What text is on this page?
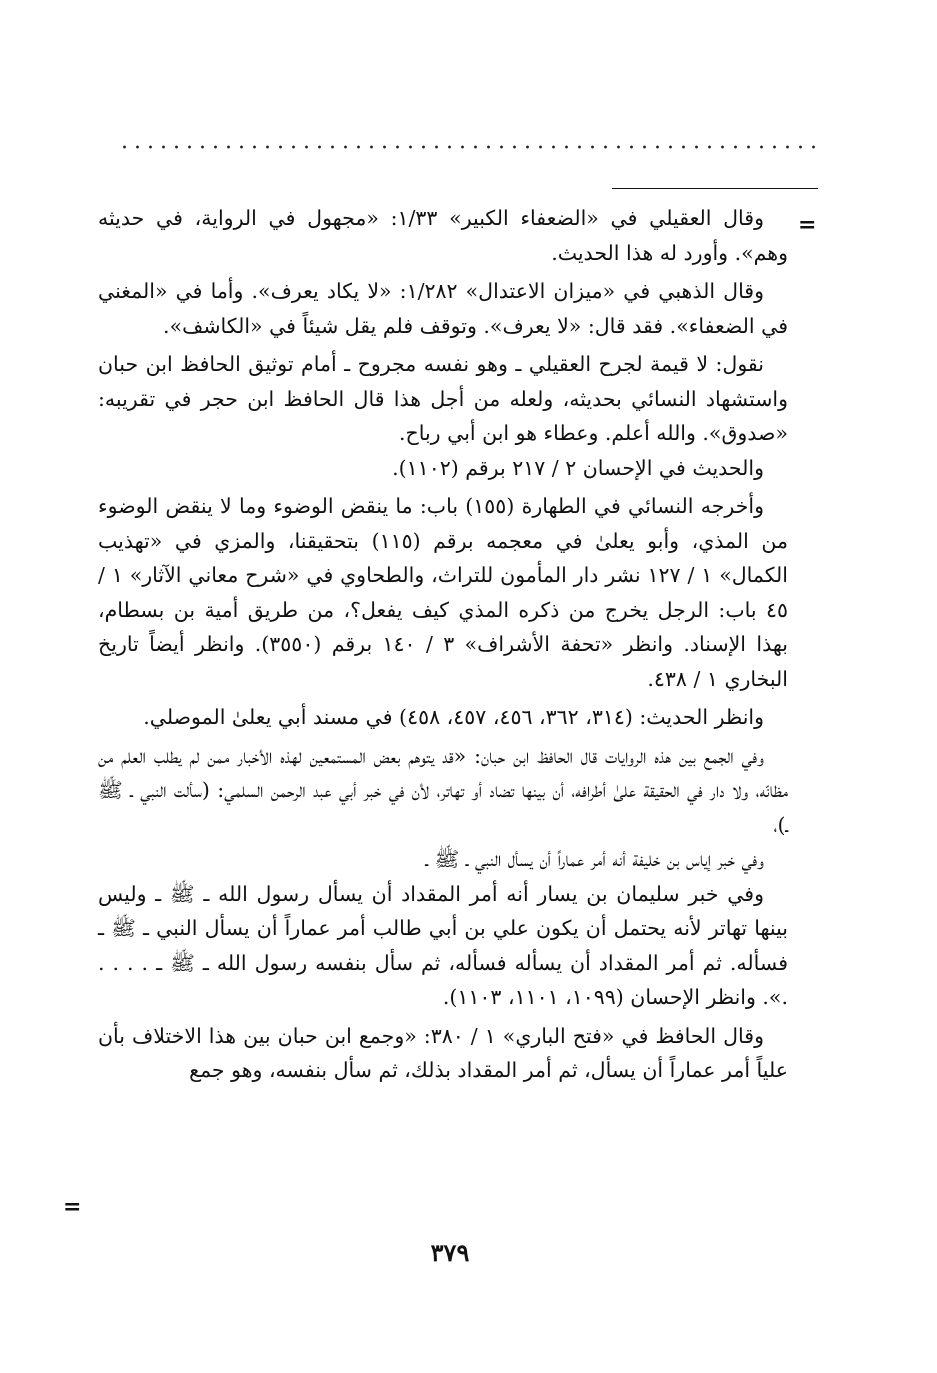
=

وقال العقيلي في «الضعفاء الكبير» ١/٣٣: «مجهول في الرواية، في حديثه وهم». وأورد له هذا الحديث.

وقال الذهبي في «ميزان الاعتدال» ١/٢٨٢: «لا يكاد يعرف». وأما في «المغني في الضعفاء». فقد قال: «لا يعرف». وتوقف فلم يقل شيئاً في «الكاشف».

نقول: لا قيمة لجرح العقيلي ـ وهو نفسه مجروح ـ أمام توثيق الحافظ ابن حبان واستشهاد النسائي بحديثه، ولعله من أجل هذا قال الحافظ ابن حجر في تقريبه: «صدوق». والله أعلم. وعطاء هو ابن أبي رباح.

والحديث في الإحسان ٢ / ٢١٧ برقم (١١٠٢).

وأخرجه النسائي في الطهارة (١٥٥) باب: ما ينقض الوضوء وما لا ينقض الوضوء من المذي، وأبو يعلىٰ في معجمه برقم (١١٥) بتحقيقنا، والمزي في «تهذيب الكمال» ١ / ١٢٧ نشر دار المأمون للتراث، والطحاوي في «شرح معاني الآثار» ١ / ٤٥ باب: الرجل يخرج من ذكره المذي كيف يفعل؟، من طريق أمية بن بسطام، بهذا الإسناد. وانظر «تحفة الأشراف» ٣ / ١٤٠ برقم (٣٥٥٠). وانظر أيضاً تاريخ البخاري ١ / ٤٣٨.

وانظر الحديث: (٣١٤، ٣٦٢، ٤٥٦، ٤٥٧، ٤٥٨) في مسند أبي يعلىٰ الموصلي.

وفي الجمع بين هذه الروايات قال الحافظ ابن حبان: «قد يتوهم بعض المستمعين لهذه الأخبار ممن لم يطلب العلم من مظانّه، ولا دار في الحقيقة علىٰ أطرافه، أن بينها تضاد أو تهاتر، لأن في خبر أبي عبد الرحمن السلمي: (سألت النبي ـ ﷺ ـ)،

وفي خبر إياس بن خليفة أنه أمر عماراً أن يسأل النبي ـ ﷺ ـ

وفي خبر سليمان بن يسار أنه أمر المقداد أن يسأل رسول الله ـ ﷺ ـ وليس بينها تهاتر لأنه يحتمل أن يكون علي بن أبي طالب أمر عماراً أن يسأل النبي ـ ﷺ ـ فسأله. ثم أمر المقداد أن يسأله فسأله، ثم سأل بنفسه رسول الله ـ ﷺ ـ . . . . .». وانظر الإحسان (١٠٩٩، ١١٠١، ١١٠٣).

وقال الحافظ في «فتح الباري» ١ / ٣٨٠: «وجمع ابن حبان بين هذا الاختلاف بأن علياً أمر عماراً أن يسأل، ثم أمر المقداد بذلك، ثم سأل بنفسه، وهو جمع

=
٣٧٩
